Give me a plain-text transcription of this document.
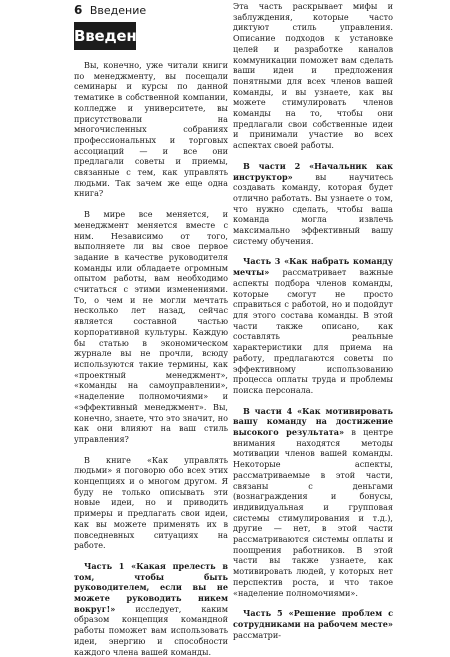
6 Введение
Введение

Вы, конечно, уже читали книги по менеджменту, вы посещали семинары и курсы по данной тематике в собственной компании, колледже и университете, вы присутствовали на многочисленных собраниях профессиональных и торговых ассоциаций — и все они предлагали советы и приемы, связанные с тем, как управлять людьми. Так зачем же еще одна книга?

В мире все меняется, и менеджмент меняется вместе с ним. Независимо от того, выполняете ли вы свое первое задание в качестве руководителя команды или обладаете огромным опытом работы, вам необходимо считаться с этими изменениями. То, о чем и не могли мечтать несколько лет назад, сейчас является составной частью корпоративной культуры. Каждую бы статью в экономическом журнале вы не прочли, всюду используются такие термины, как «проектный менеджмент», «команды на самоуправлении», «наделение полномочиями» и «эффективный менеджмент». Вы, конечно, знаете, что это значит, но как они влияют на ваш стиль управления?

В книге «Как управлять людьми» я поговорю обо всех этих концепциях и о многом другом. Я буду не только описывать эти новые идеи, но и приводить примеры и предлагать свои идеи, как вы можете применять их в повседневных ситуациях на работе.

Часть 1 «Какая прелесть в том, чтобы быть руководителем, если вы не можете руководить никем вокруг!» исследует, каким образом концепция командной работы поможет вам использовать идеи, энергию и способности каждого члена вашей команды.

Эта часть раскрывает мифы и заблуждения, которые часто диктуют стиль управления. Описание подходов к установке целей и разработке каналов коммуникации поможет вам сделать ваши идеи и предложения понятными для всех членов вашей команды, и вы узнаете, как вы можете стимулировать членов команды на то, чтобы они предлагали свои собственные идеи и принимали участие во всех аспектах своей работы.

В части 2 «Начальник как инструктор» вы научитесь создавать команду, которая будет отлично работать. Вы узнаете о том, что нужно сделать, чтобы ваша команда могла извлечь максимально эффективный вашу систему обучения.

Часть 3 «Как набрать команду мечты» рассматривает важные аспекты подбора членов команды, которые смогут не просто справиться с работой, но и подойдут для этого состава команды. В этой части также описано, как составлять реальные характеристики для приема на работу, предлагаются советы по эффективному использованию процесса оплаты труда и проблемы поиска персонала.

В части 4 «Как мотивировать вашу команду на достижение высокого результата» в центре внимания находятся методы мотивации членов вашей команды. Некоторые аспекты, рассматриваемые в этой части, связаны с деньгами (вознаграждения и бонусы, индивидуальная и групповая системы стимулирования и т.д.), другие — нет, в этой части рассматриваются системы оплаты и поощрения работников. В этой части вы также узнаете, как мотивировать людей, у которых нет перспектив роста, и что такое «наделение полномочиями».

Часть 5 «Решение проблем с сотрудниками на рабочем месте» рассматри-
